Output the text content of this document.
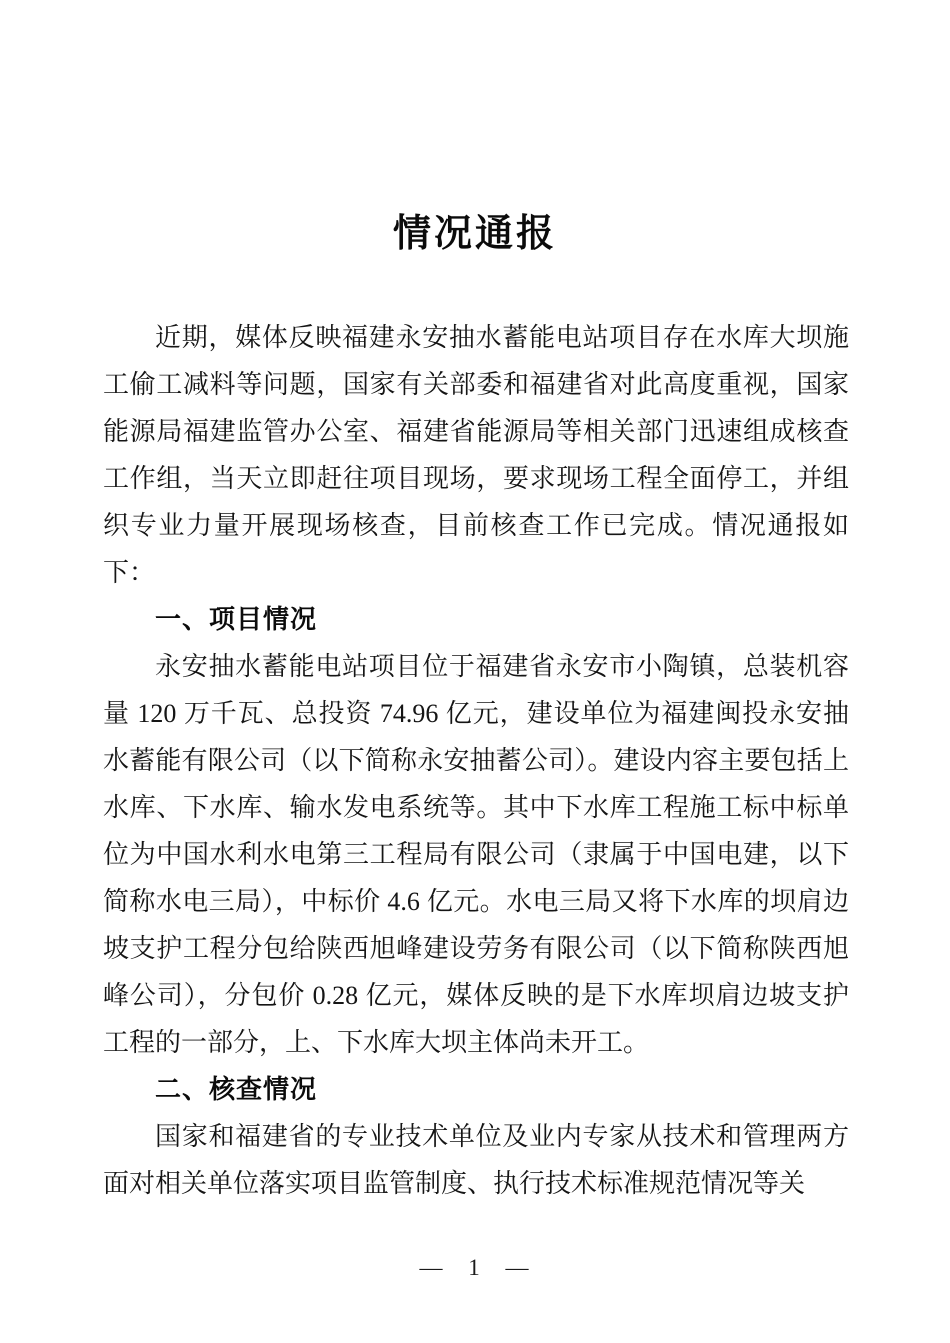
情况通报

近期，媒体反映福建永安抽水蓄能电站项目存在水库大坝施工偷工减料等问题，国家有关部委和福建省对此高度重视，国家能源局福建监管办公室、福建省能源局等相关部门迅速组成核查工作组，当天立即赶往项目现场，要求现场工程全面停工，并组织专业力量开展现场核查，目前核查工作已完成。情况通报如下：

一、项目情况

永安抽水蓄能电站项目位于福建省永安市小陶镇，总装机容量 120 万千瓦、总投资 74.96 亿元，建设单位为福建闽投永安抽水蓄能有限公司（以下简称永安抽蓄公司）。建设内容主要包括上水库、下水库、输水发电系统等。其中下水库工程施工标中标单位为中国水利水电第三工程局有限公司（隶属于中国电建，以下简称水电三局），中标价 4.6 亿元。水电三局又将下水库的坝肩边坡支护工程分包给陕西旭峰建设劳务有限公司（以下简称陕西旭峰公司），分包价 0.28 亿元，媒体反映的是下水库坝肩边坡支护工程的一部分，上、下水库大坝主体尚未开工。

二、核查情况

国家和福建省的专业技术单位及业内专家从技术和管理两方面对相关单位落实项目监管制度、执行技术标准规范情况等关

— 1 —
